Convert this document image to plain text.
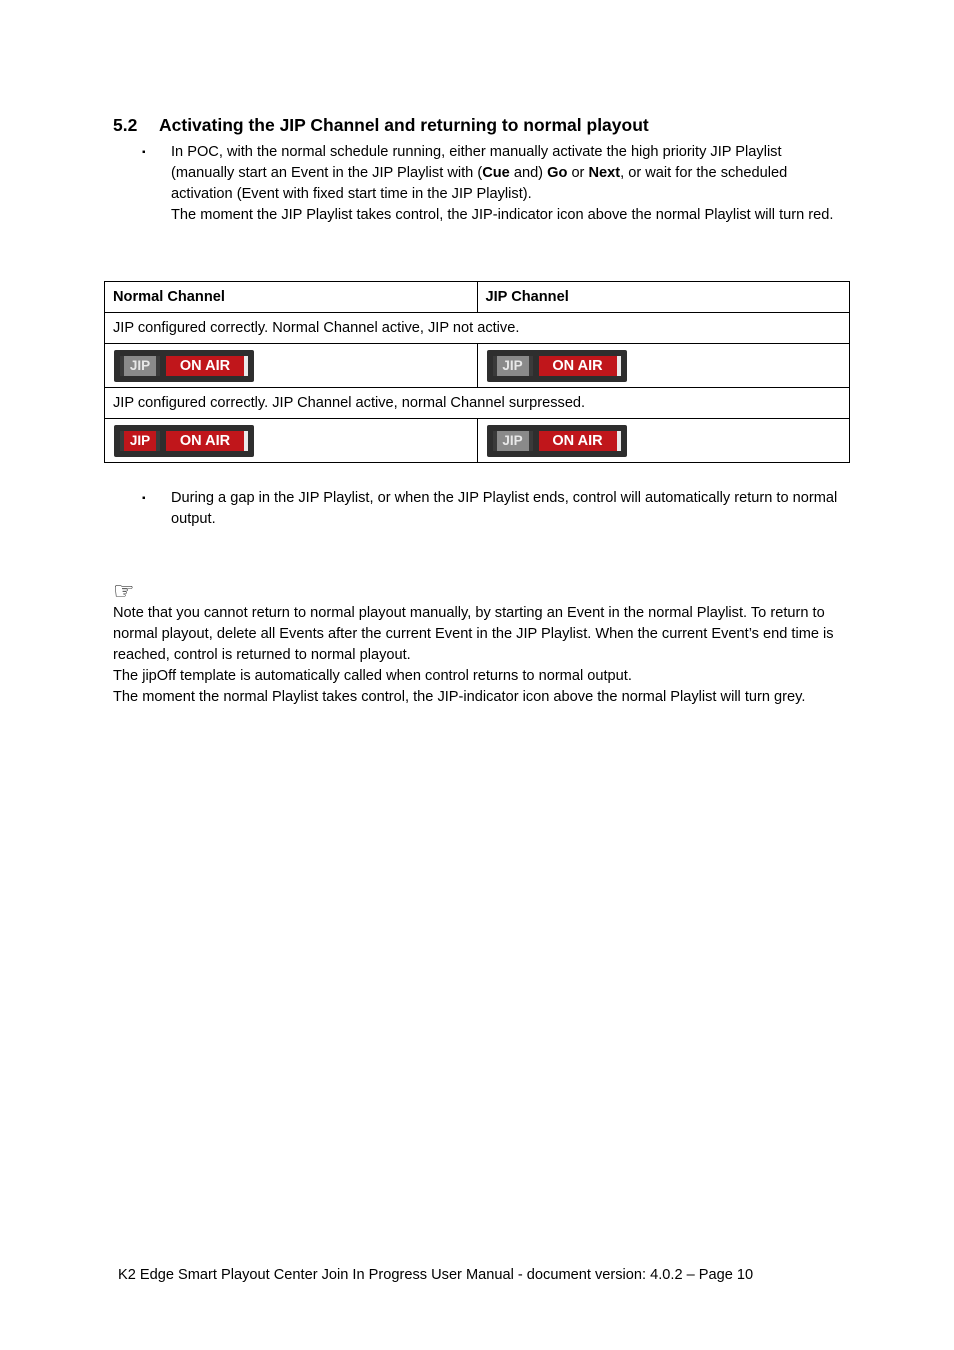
5.2 Activating the JIP Channel and returning to normal playout
▪ In POC, with the normal schedule running, either manually activate the high priority JIP Playlist (manually start an Event in the JIP Playlist with (Cue and) Go or Next, or wait for the scheduled activation (Event with fixed start time in the JIP Playlist).
The moment the JIP Playlist takes control, the JIP-indicator icon above the normal Playlist will turn red.
Normal Channel	JIP Channel
JIP configured correctly. Normal Channel active, JIP not active.	

JIP ON AIR	JIP ON AIR

JIP configured correctly. JIP Channel active, normal Channel surpressed.	

JIP ON AIR	JIP ON AIR
▪ During a gap in the JIP Playlist, or when the JIP Playlist ends, control will automatically return to normal output.
☞
Note that you cannot return to normal playout manually, by starting an Event in the normal Playlist. To return to normal playout, delete all Events after the current Event in the JIP Playlist. When the current Event’s end time is reached, control is returned to normal playout.
The jipOff template is automatically called when control returns to normal output.
The moment the normal Playlist takes control, the JIP-indicator icon above the normal Playlist will turn grey.
K2 Edge Smart Playout Center Join In Progress User Manual - document version: 4.0.2 – Page 10
